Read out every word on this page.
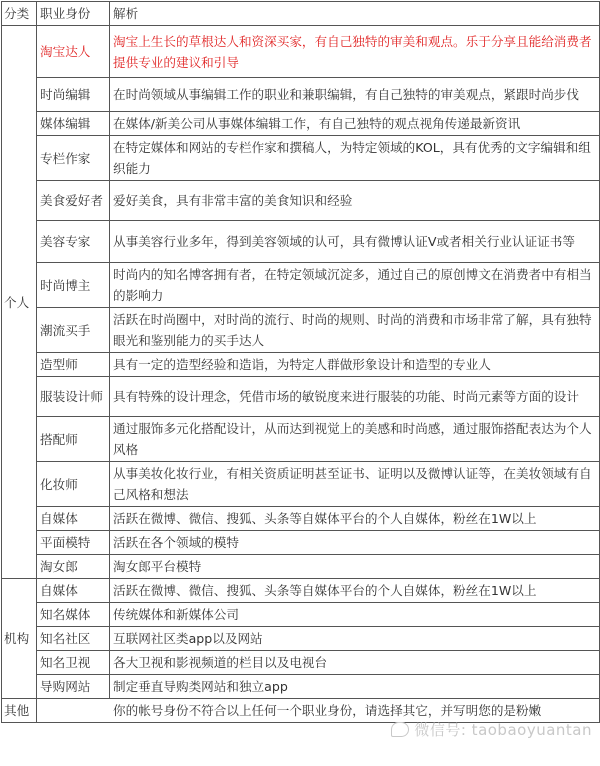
分类	职业身份	解析
个人	淘宝达人	淘宝上生长的草根达人和资深买家，有自己独特的审美和观点。乐于分享且能给消费者提供专业的建议和引导
	时尚编辑	在时尚领域从事编辑工作的职业和兼职编辑，有自己独特的审美观点，紧跟时尚步伐
	媒体编辑	在媒体/新美公司从事媒体编辑工作，有自己独特的观点视角传递最新资讯
	专栏作家	在特定媒体和网站的专栏作家和撰稿人，为特定领域的KOL，具有优秀的文字编辑和组织能力
	美食爱好者	爱好美食，具有非常丰富的美食知识和经验
	美容专家	从事美容行业多年，得到美容领域的认可，具有微博认证V或者相关行业认证证书等
	时尚博主	时尚内的知名博客拥有者，在特定领域沉淀多，通过自己的原创博文在消费者中有相当的影响力
	潮流买手	活跃在时尚圈中，对时尚的流行、时尚的规则、时尚的消费和市场非常了解，具有独特眼光和鉴别能力的买手达人
	造型师	具有一定的造型经验和造诣，为特定人群做形象设计和造型的专业人
	服装设计师	具有特殊的设计理念，凭借市场的敏锐度来进行服装的功能、时尚元素等方面的设计
	搭配师	通过服饰多元化搭配设计，从而达到视觉上的美感和时尚感，通过服饰搭配表达为个人风格
	化妆师	从事美妆化妆行业，有相关资质证明甚至证书、证明以及微博认证等，在美妆领域有自己风格和想法
	自媒体	活跃在微博、微信、搜狐、头条等自媒体平台的个人自媒体，粉丝在1W以上
	平面模特	活跃在各个领域的模特
	淘女郎	淘女郎平台模特
机构	自媒体	活跃在微博、微信、搜狐、头条等自媒体平台的个人自媒体，粉丝在1W以上
	知名媒体	传统媒体和新媒体公司
	知名社区	互联网社区类app以及网站
	知名卫视	各大卫视和影视频道的栏目以及电视台
	导购网站	制定垂直导购类网站和独立app
其他	你的帐号身份不符合以上任何一个职业身份，请选择其它，并写明您的是粉嫩	
微信号: taobaoyuantan
